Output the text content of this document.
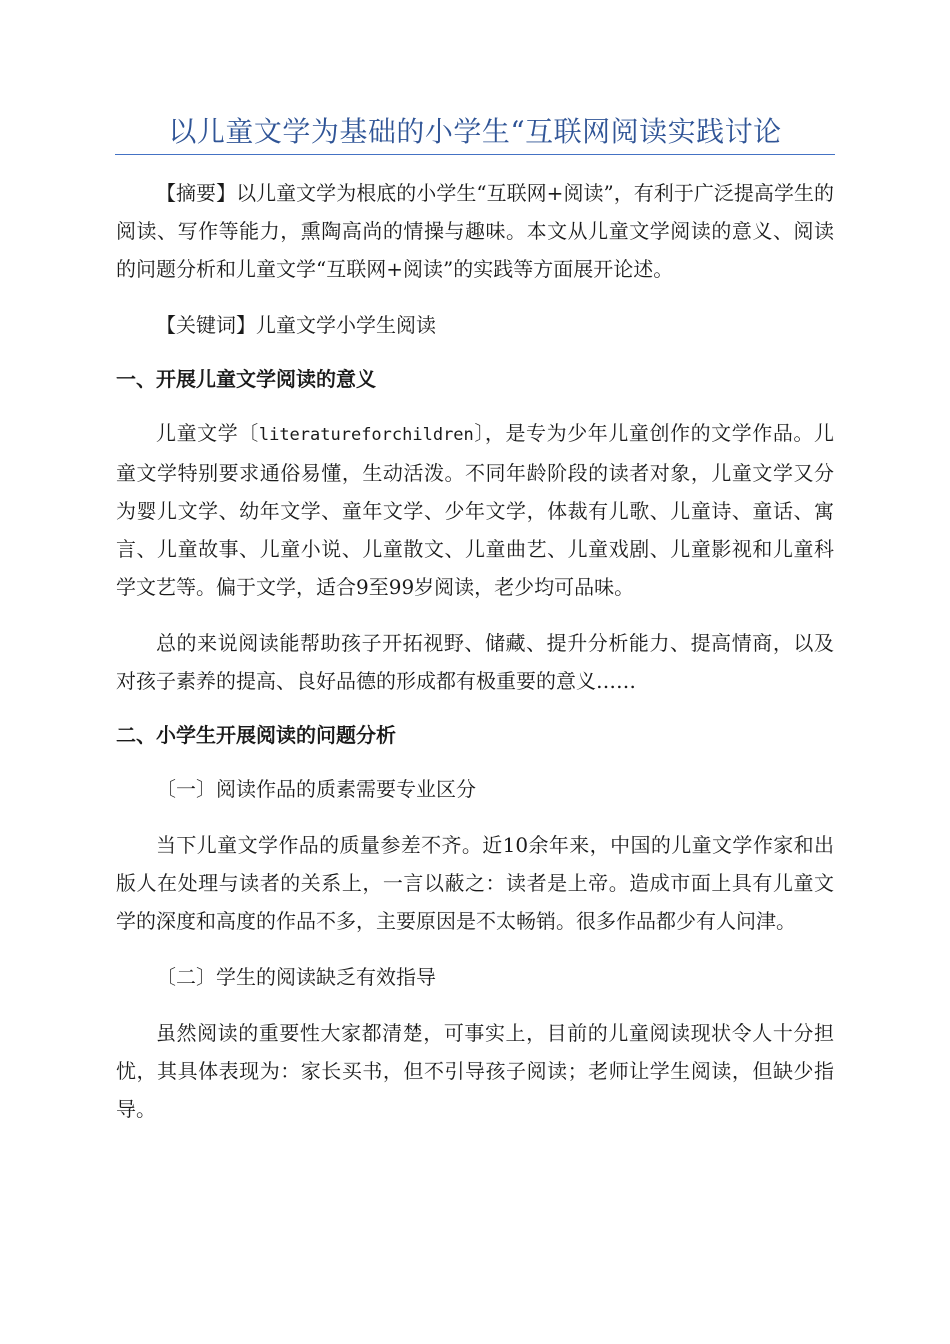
以儿童文学为基础的小学生“互联网阅读实践讨论

【摘要】以儿童文学为根底的小学生“互联网+阅读”，有利于广泛提高学生的阅读、写作等能力，熏陶高尚的情操与趣味。本文从儿童文学阅读的意义、阅读的问题分析和儿童文学“互联网+阅读”的实践等方面展开论述。

【关键词】儿童文学小学生阅读

一、开展儿童文学阅读的意义

儿童文学〔literatureforchildren〕，是专为少年儿童创作的文学作品。儿童文学特别要求通俗易懂，生动活泼。不同年龄阶段的读者对象，儿童文学又分为婴儿文学、幼年文学、童年文学、少年文学，体裁有儿歌、儿童诗、童话、寓言、儿童故事、儿童小说、儿童散文、儿童曲艺、儿童戏剧、儿童影视和儿童科学文艺等。偏于文学，适合9至99岁阅读，老少均可品味。

总的来说阅读能帮助孩子开拓视野、储藏、提升分析能力、提高情商，以及对孩子素养的提高、良好品德的形成都有极重要的意义……

二、小学生开展阅读的问题分析

〔一〕阅读作品的质素需要专业区分

当下儿童文学作品的质量参差不齐。近10余年来，中国的儿童文学作家和出版人在处理与读者的关系上，一言以蔽之：读者是上帝。造成市面上具有儿童文学的深度和高度的作品不多，主要原因是不太畅销。很多作品都少有人问津。

〔二〕学生的阅读缺乏有效指导

虽然阅读的重要性大家都清楚，可事实上，目前的儿童阅读现状令人十分担忧，其具体表现为：家长买书，但不引导孩子阅读；老师让学生阅读，但缺少指导。
